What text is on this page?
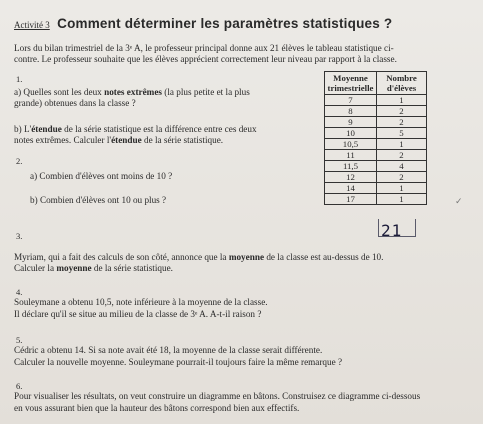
Activité 3 Comment déterminer les paramètres statistiques ?
Lors du bilan trimestriel de la 3ᵉ A, le professeur principal donne aux 21 élèves le tableau statistique ci-
contre. Le professeur souhaite que les élèves apprécient correctement leur niveau par rapport à la classe.
1.
a) Quelles sont les deux notes extrêmes (la plus petite et la plus
grande) obtenues dans la classe ?
b) L'étendue de la série statistique est la différence entre ces deux
notes extrêmes. Calculer l'étendue de la série statistique.
2.
a) Combien d'élèves ont moins de 10 ?
b) Combien d'élèves ont 10 ou plus ?
Moyenne
trimestrielle	Nombre
d'élèves

7	1
8	2
9	2
10	5
10,5	1
11	2
11,5	4
12	2
14	1
17	1
21
✓
3.
Myriam, qui a fait des calculs de son côté, annonce que la moyenne de la classe est au-dessus de 10.
Calculer la moyenne de la série statistique.
4.
Souleymane a obtenu 10,5, note inférieure à la moyenne de la classe.
Il déclare qu'il se situe au milieu de la classe de 3ᵉ A. A-t-il raison ?
5.
Cédric a obtenu 14. Si sa note avait été 18, la moyenne de la classe serait différente.
Calculer la nouvelle moyenne. Souleymane pourrait-il toujours faire la même remarque ?
6.
Pour visualiser les résultats, on veut construire un diagramme en bâtons. Construisez ce diagramme ci-dessous
en vous assurant bien que la hauteur des bâtons correspond bien aux effectifs.
